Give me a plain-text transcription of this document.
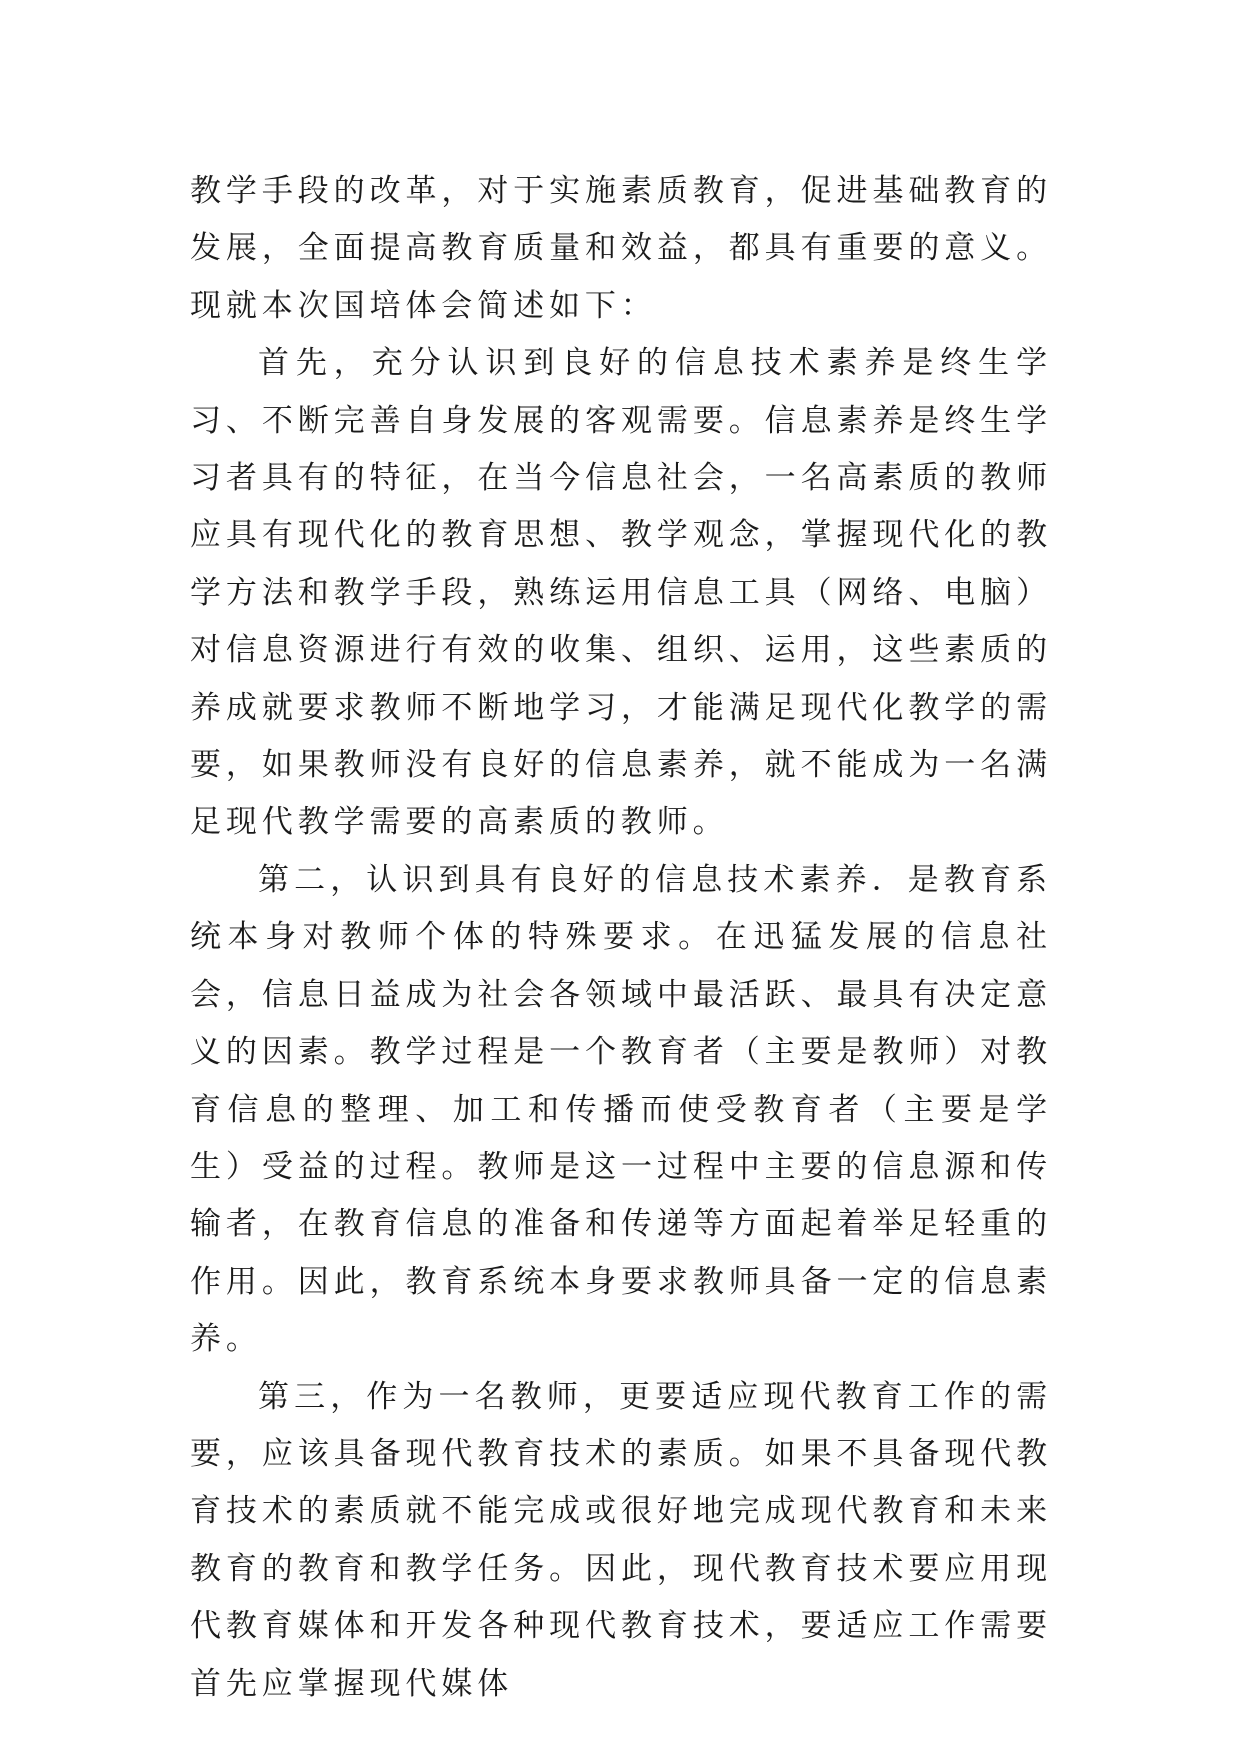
教学手段的改革，对于实施素质教育，促进基础教育的发展，全面提高教育质量和效益，都具有重要的意义。现就本次国培体会简述如下：

首先，充分认识到良好的信息技术素养是终生学习、不断完善自身发展的客观需要。信息素养是终生学习者具有的特征，在当今信息社会，一名高素质的教师应具有现代化的教育思想、教学观念，掌握现代化的教学方法和教学手段，熟练运用信息工具（网络、电脑）对信息资源进行有效的收集、组织、运用，这些素质的养成就要求教师不断地学习，才能满足现代化教学的需要，如果教师没有良好的信息素养，就不能成为一名满足现代教学需要的高素质的教师。

第二，认识到具有良好的信息技术素养．是教育系统本身对教师个体的特殊要求。在迅猛发展的信息社会，信息日益成为社会各领域中最活跃、最具有决定意义的因素。教学过程是一个教育者（主要是教师）对教育信息的整理、加工和传播而使受教育者（主要是学生）受益的过程。教师是这一过程中主要的信息源和传输者，在教育信息的准备和传递等方面起着举足轻重的作用。因此，教育系统本身要求教师具备一定的信息素养。

第三，作为一名教师，更要适应现代教育工作的需要，应该具备现代教育技术的素质。如果不具备现代教育技术的素质就不能完成或很好地完成现代教育和未来教育的教育和教学任务。因此，现代教育技术要应用现代教育媒体和开发各种现代教育技术，要适应工作需要首先应掌握现代媒体
